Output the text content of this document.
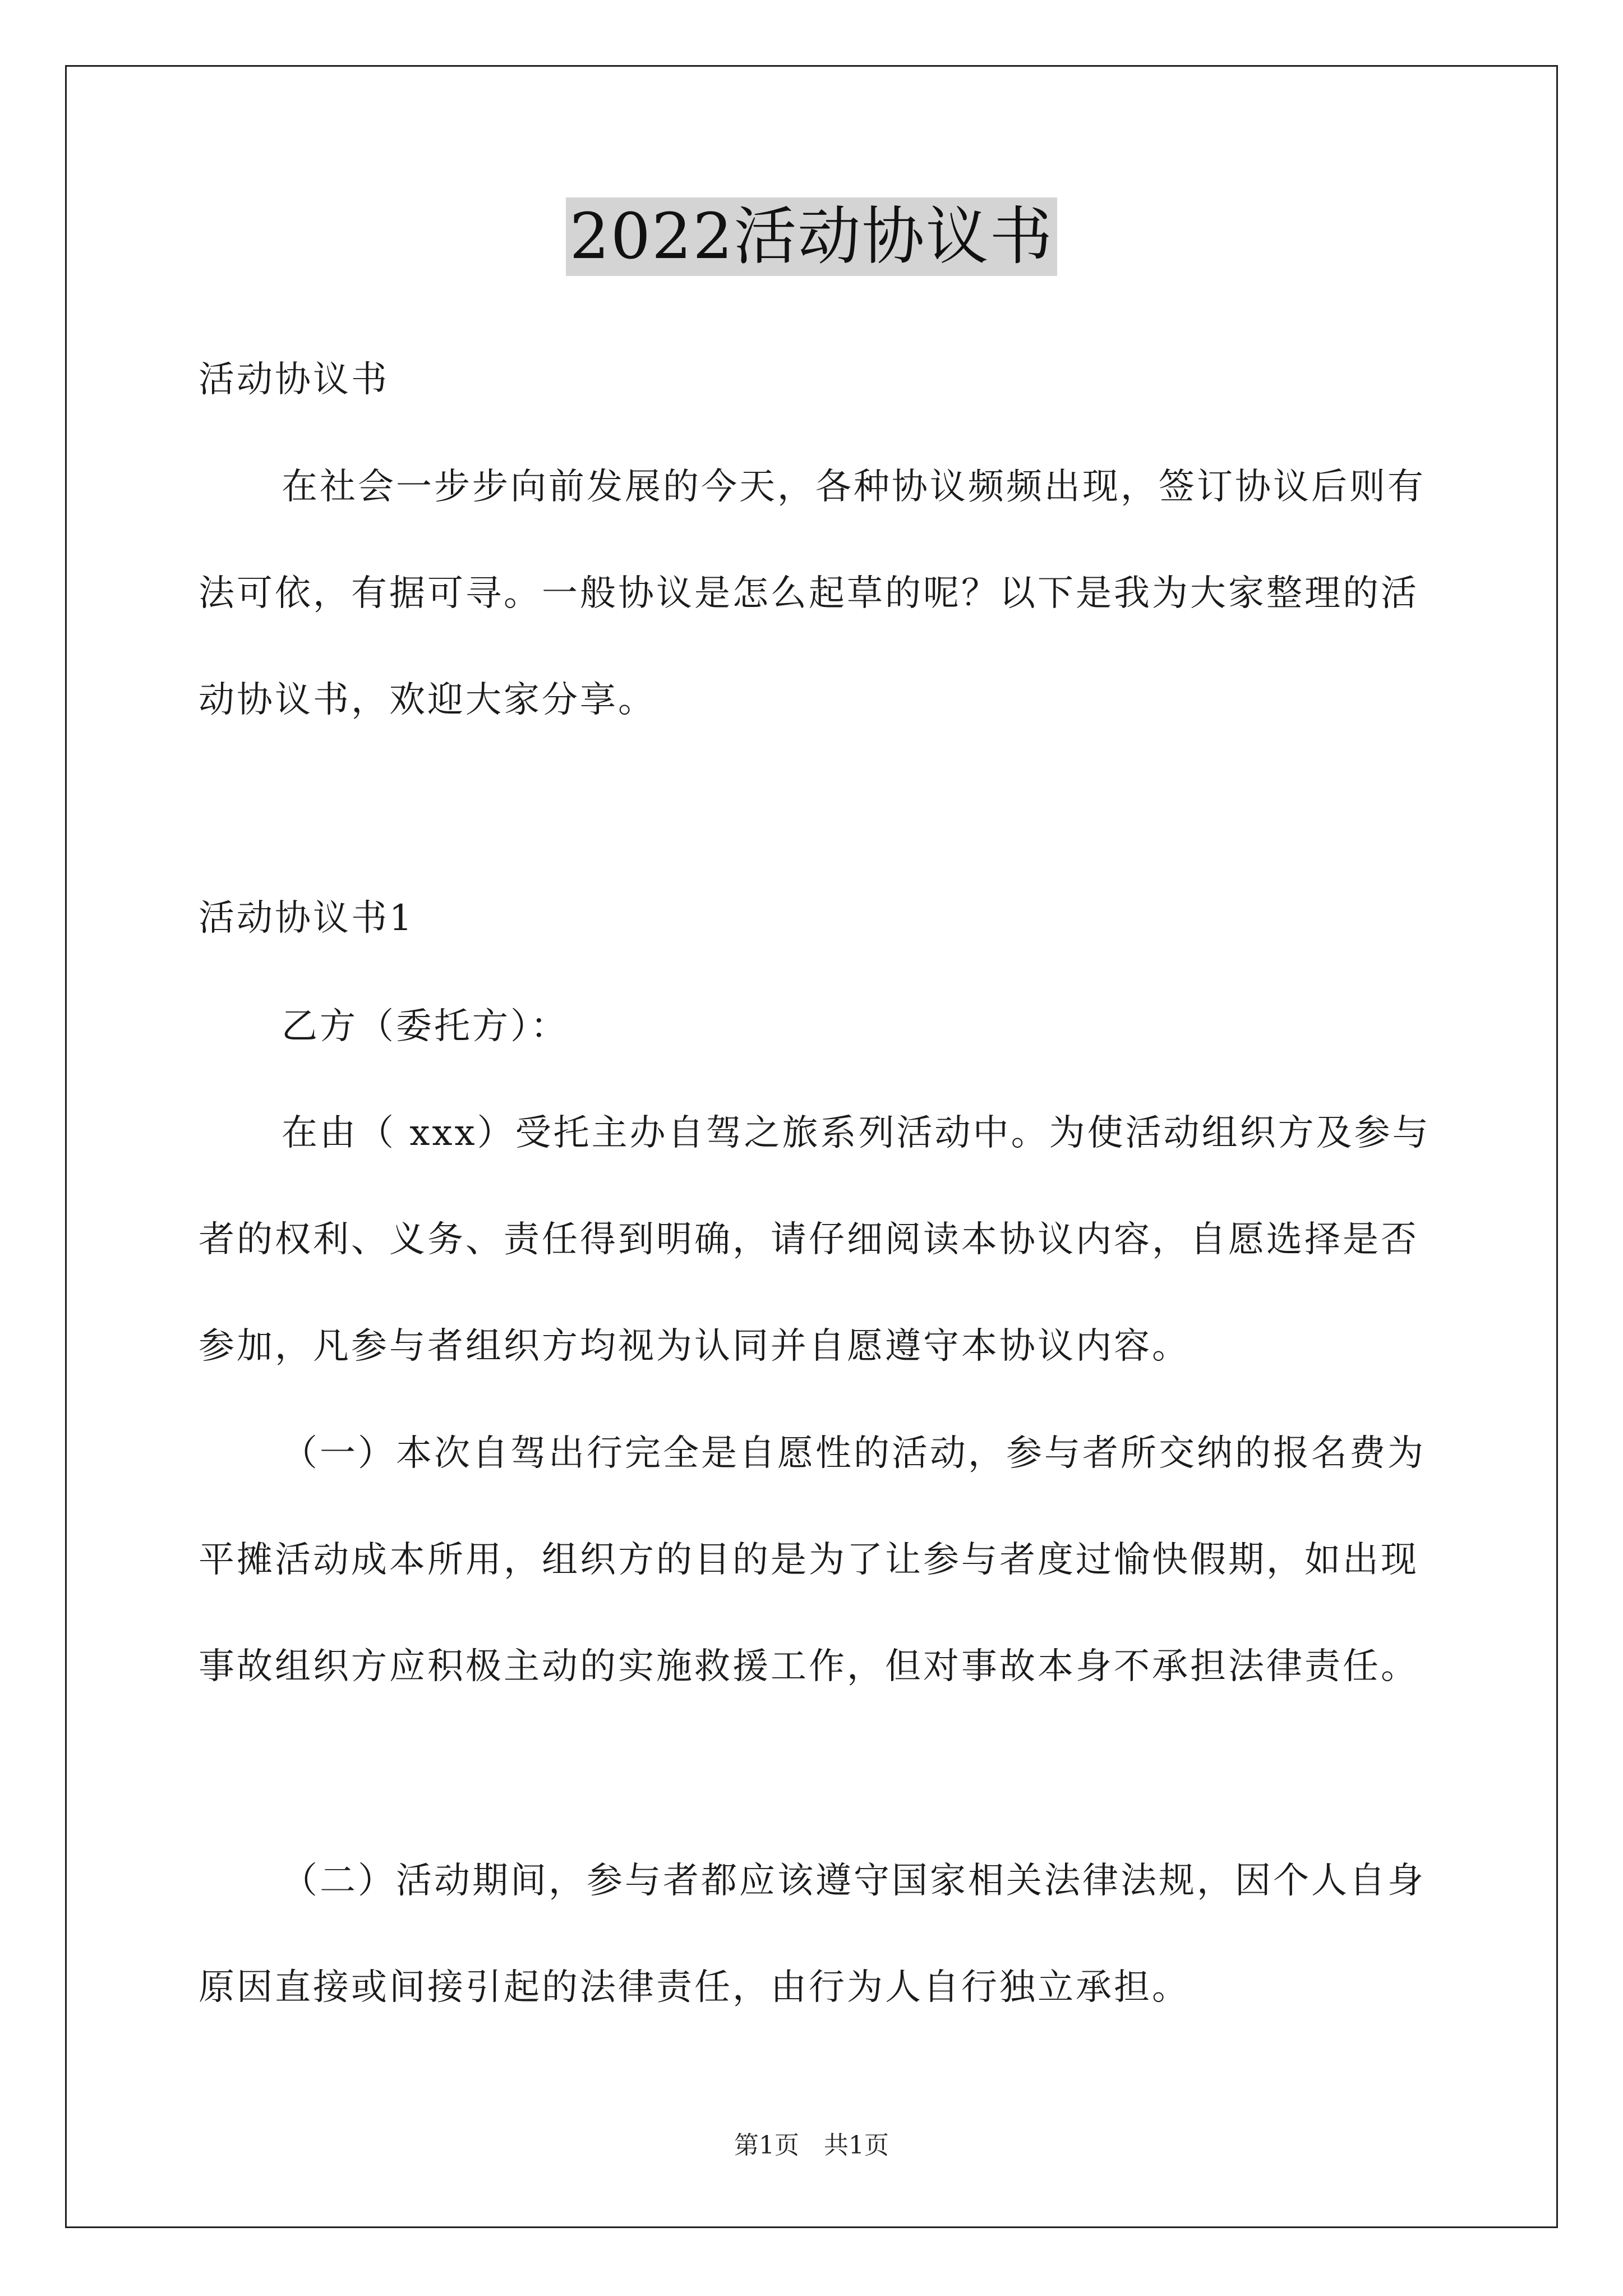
2022活动协议书

活动协议书

在社会一步步向前发展的今天，各种协议频频出现，签订协议后则有法可依，有据可寻。一般协议是怎么起草的呢？以下是我为大家整理的活动协议书，欢迎大家分享。

活动协议书1

乙方（委托方）：

在由（ xxx）受托主办自驾之旅系列活动中。为使活动组织方及参与者的权利、义务、责任得到明确，请仔细阅读本协议内容，自愿选择是否参加，凡参与者组织方均视为认同并自愿遵守本协议内容。

（一）本次自驾出行完全是自愿性的活动，参与者所交纳的报名费为平摊活动成本所用，组织方的目的是为了让参与者度过愉快假期，如出现事故组织方应积极主动的实施救援工作，但对事故本身不承担法律责任。

（二）活动期间，参与者都应该遵守国家相关法律法规，因个人自身原因直接或间接引起的法律责任，由行为人自行独立承担。

第1页　共1页
